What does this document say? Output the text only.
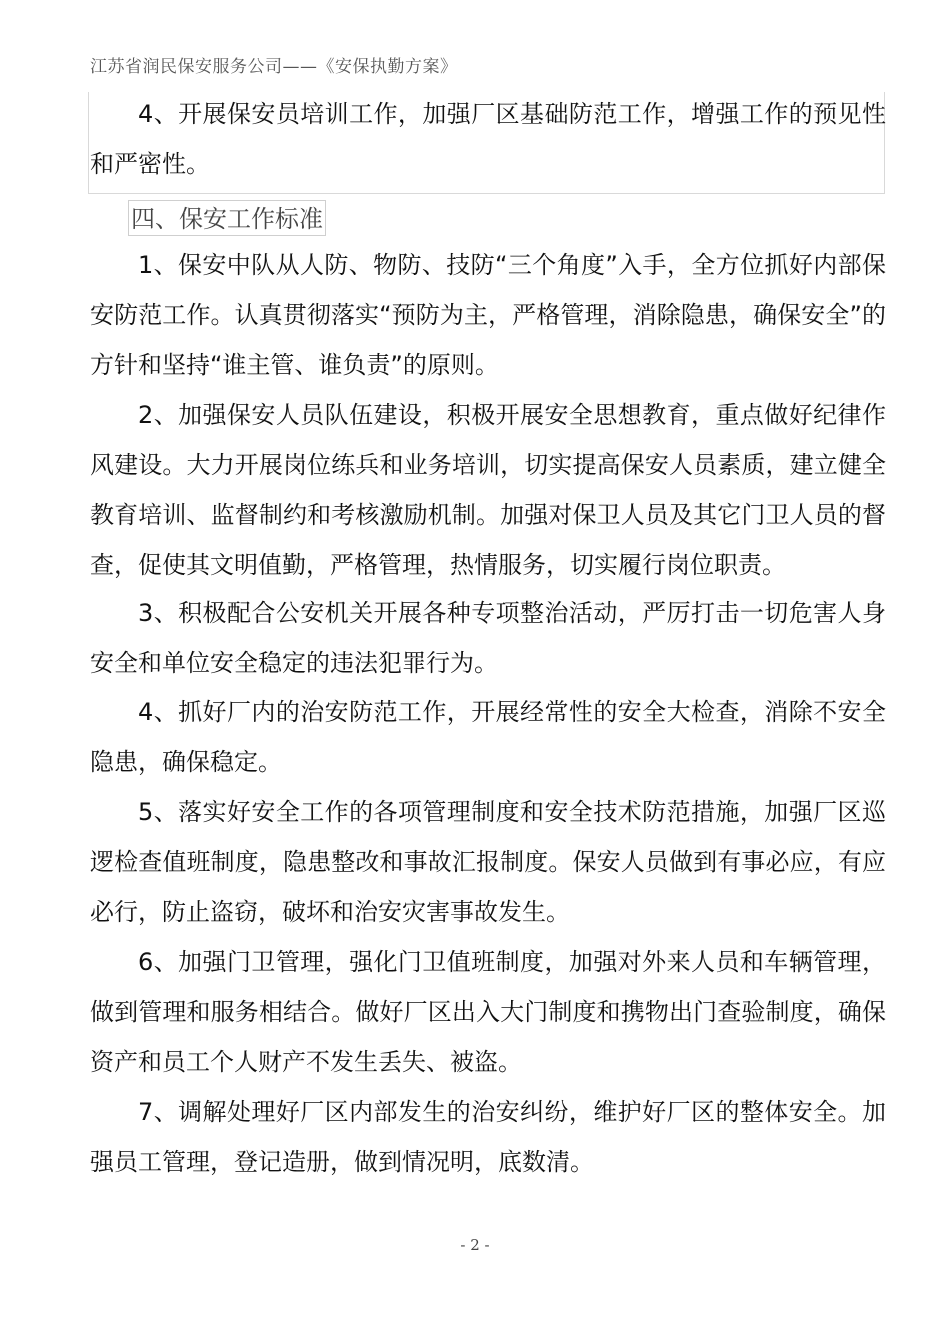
江苏省润民保安服务公司——《安保执勤方案》

4、开展保安员培训工作，加强厂区基础防范工作，增强工作的预见性和严密性。

四、保安工作标准

1、保安中队从人防、物防、技防“三个角度”入手，全方位抓好内部保安防范工作。认真贯彻落实“预防为主，严格管理，消除隐患，确保安全”的方针和坚持“谁主管、谁负责”的原则。

2、加强保安人员队伍建设，积极开展安全思想教育，重点做好纪律作风建设。大力开展岗位练兵和业务培训，切实提高保安人员素质，建立健全教育培训、监督制约和考核激励机制。加强对保卫人员及其它门卫人员的督查，促使其文明值勤，严格管理，热情服务，切实履行岗位职责。

3、积极配合公安机关开展各种专项整治活动，严厉打击一切危害人身安全和单位安全稳定的违法犯罪行为。

4、抓好厂内的治安防范工作，开展经常性的安全大检查，消除不安全隐患，确保稳定。

5、落实好安全工作的各项管理制度和安全技术防范措施，加强厂区巡逻检查值班制度，隐患整改和事故汇报制度。保安人员做到有事必应，有应必行，防止盗窃，破坏和治安灾害事故发生。

6、加强门卫管理，强化门卫值班制度，加强对外来人员和车辆管理，做到管理和服务相结合。做好厂区出入大门制度和携物出门查验制度，确保资产和员工个人财产不发生丢失、被盗。

7、调解处理好厂区内部发生的治安纠纷，维护好厂区的整体安全。加强员工管理，登记造册，做到情况明，底数清。

- 2 -
